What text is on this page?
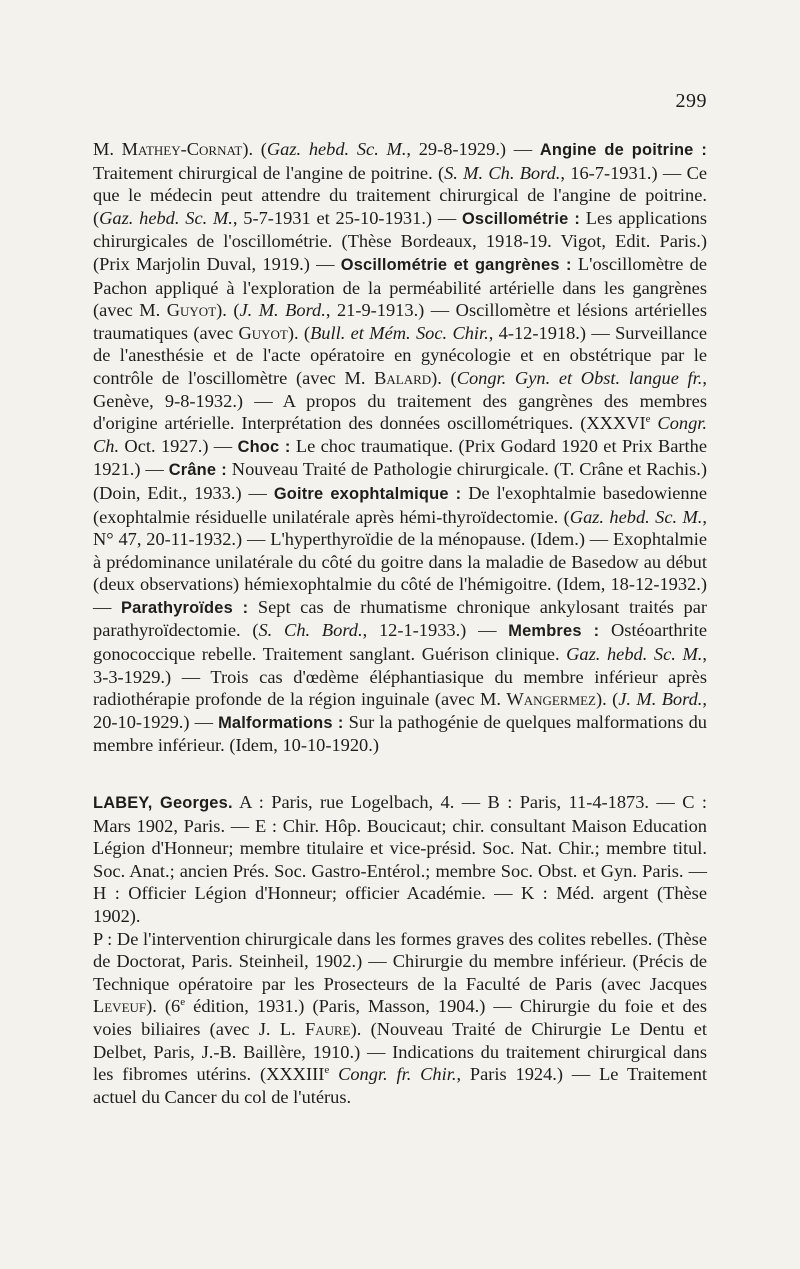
299

M. Mathey-Cornat). (Gaz. hebd. Sc. M., 29-8-1929.) — Angine de poitrine : Traitement chirurgical de l'angine de poitrine. (S. M. Ch. Bord., 16-7-1931.) — Ce que le médecin peut attendre du traitement chirurgical de l'angine de poitrine. (Gaz. hebd. Sc. M., 5-7-1931 et 25-10-1931.) — Oscillométrie : Les applications chirurgicales de l'oscillométrie. (Thèse Bordeaux, 1918-19. Vigot, Edit. Paris.) (Prix Marjolin Duval, 1919.) — Oscillométrie et gangrènes : L'oscillomètre de Pachon appliqué à l'exploration de la perméabilité artérielle dans les gangrènes (avec M. Guyot). (J. M. Bord., 21-9-1913.) — Oscillomètre et lésions artérielles traumatiques (avec Guyot). (Bull. et Mém. Soc. Chir., 4-12-1918.) — Surveillance de l'anesthésie et de l'acte opératoire en gynécologie et en obstétrique par le contrôle de l'oscillomètre (avec M. Balard). (Congr. Gyn. et Obst. langue fr., Genève, 9-8-1932.) — A propos du traitement des gangrènes des membres d'origine artérielle. Interprétation des données oscillométriques. (XXXVIe Congr. Ch. Oct. 1927.) — Choc : Le choc traumatique. (Prix Godard 1920 et Prix Barthe 1921.) — Crâne : Nouveau Traité de Pathologie chirurgicale. (T. Crâne et Rachis.) (Doin, Edit., 1933.) — Goitre exophtalmique : De l'exophtalmie basedowienne (exophtalmie résiduelle unilatérale après hémi-thyroïdectomie. (Gaz. hebd. Sc. M., N° 47, 20-11-1932.) — L'hyperthyroïdie de la ménopause. (Idem.) — Exophtalmie à prédominance unilatérale du côté du goitre dans la maladie de Basedow au début (deux observations) hémiexophtalmie du côté de l'hémigoitre. (Idem, 18-12-1932.) — Parathyroïdes : Sept cas de rhumatisme chronique ankylosant traités par parathyroïdectomie. (S. Ch. Bord., 12-1-1933.) — Membres : Ostéoarthrite gonococcique rebelle. Traitement sanglant. Guérison clinique. Gaz. hebd. Sc. M., 3-3-1929.) — Trois cas d'œdème éléphantiasique du membre inférieur après radiothérapie profonde de la région inguinale (avec M. Wangermez). (J. M. Bord., 20-10-1929.) — Malformations : Sur la pathogénie de quelques malformations du membre inférieur. (Idem, 10-10-1920.)

LABEY, Georges. A : Paris, rue Logelbach, 4. — B : Paris, 11-4-1873. — C : Mars 1902, Paris. — E : Chir. Hôp. Boucicaut; chir. consultant Maison Education Légion d'Honneur; membre titulaire et vice-présid. Soc. Nat. Chir.; membre titul. Soc. Anat.; ancien Prés. Soc. Gastro-Entérol.; membre Soc. Obst. et Gyn. Paris. — H : Officier Légion d'Honneur; officier Académie. — K : Méd. argent (Thèse 1902).

P : De l'intervention chirurgicale dans les formes graves des colites rebelles. (Thèse de Doctorat, Paris. Steinheil, 1902.) — Chirurgie du membre inférieur. (Précis de Technique opératoire par les Prosecteurs de la Faculté de Paris (avec Jacques Leveuf). (6e édition, 1931.) (Paris, Masson, 1904.) — Chirurgie du foie et des voies biliaires (avec J. L. Faure). (Nouveau Traité de Chirurgie Le Dentu et Delbet, Paris, J.-B. Baillère, 1910.) — Indications du traitement chirurgical dans les fibromes utérins. (XXXIIIe Congr. fr. Chir., Paris 1924.) — Le Traitement actuel du Cancer du col de l'utérus.
